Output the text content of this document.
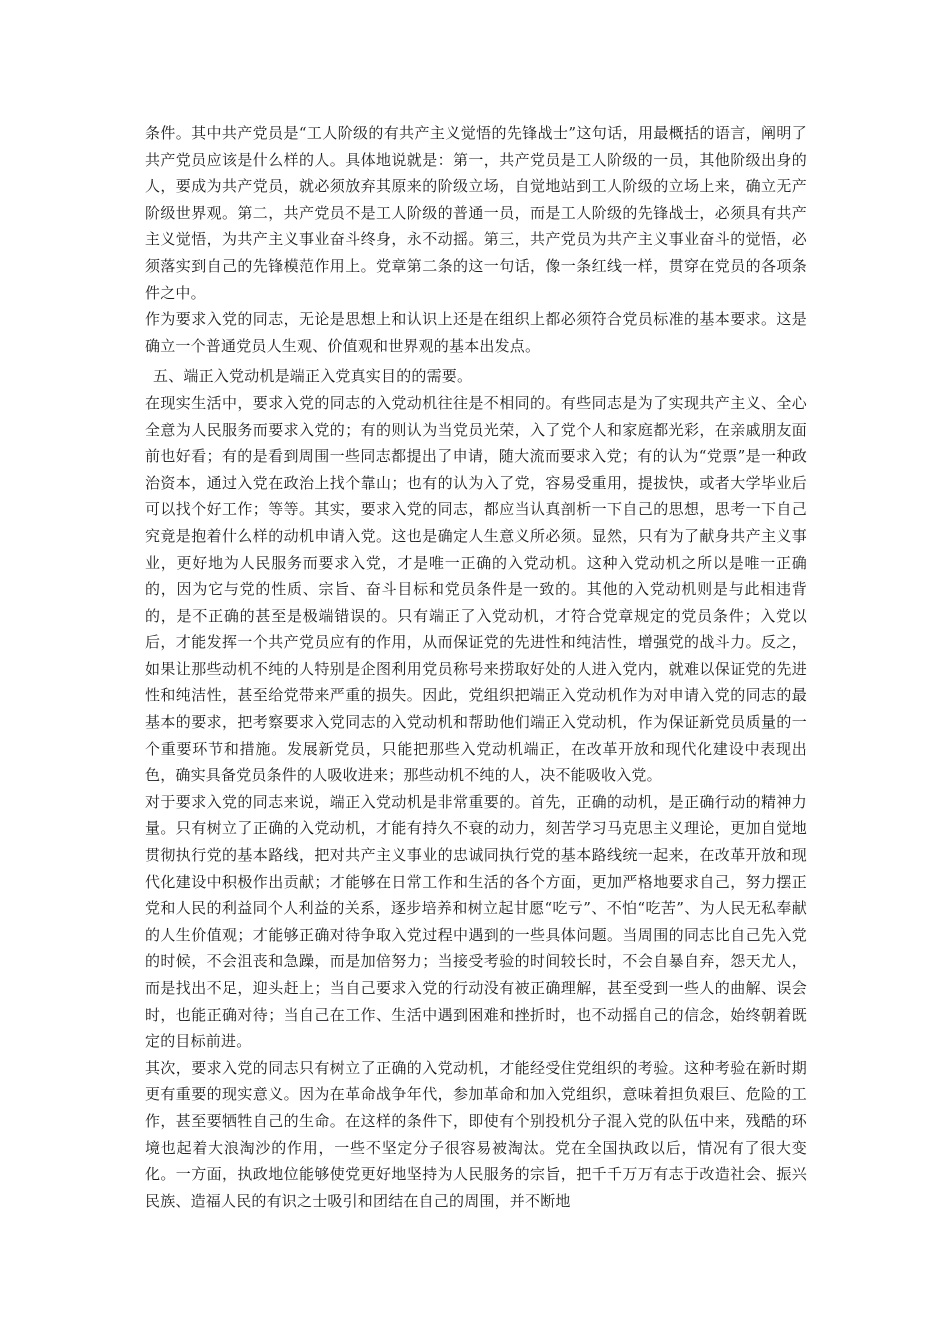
条件。其中共产党员是“工人阶级的有共产主义觉悟的先锋战士”这句话，用最概括的语言，阐明了共产党员应该是什么样的人。具体地说就是：第一，共产党员是工人阶级的一员，其他阶级出身的人，要成为共产党员，就必须放弃其原来的阶级立场，自觉地站到工人阶级的立场上来，确立无产阶级世界观。第二，共产党员不是工人阶级的普通一员，而是工人阶级的先锋战士，必须具有共产主义觉悟，为共产主义事业奋斗终身，永不动摇。第三，共产党员为共产主义事业奋斗的觉悟，必须落实到自己的先锋模范作用上。党章第二条的这一句话，像一条红线一样，贯穿在党员的各项条件之中。

作为要求入党的同志，无论是思想上和认识上还是在组织上都必须符合党员标准的基本要求。这是确立一个普通党员人生观、价值观和世界观的基本出发点。

五、端正入党动机是端正入党真实目的的需要。

在现实生活中，要求入党的同志的入党动机往往是不相同的。有些同志是为了实现共产主义、全心全意为人民服务而要求入党的；有的则认为当党员光荣，入了党个人和家庭都光彩，在亲戚朋友面前也好看；有的是看到周围一些同志都提出了申请，随大流而要求入党；有的认为“党票”是一种政治资本，通过入党在政治上找个靠山；也有的认为入了党，容易受重用，提拔快，或者大学毕业后可以找个好工作；等等。其实，要求入党的同志，都应当认真剖析一下自己的思想，思考一下自己究竟是抱着什么样的动机申请入党。这也是确定人生意义所必须。显然，只有为了献身共产主义事业，更好地为人民服务而要求入党，才是唯一正确的入党动机。这种入党动机之所以是唯一正确的，因为它与党的性质、宗旨、奋斗目标和党员条件是一致的。其他的入党动机则是与此相违背的，是不正确的甚至是极端错误的。只有端正了入党动机，才符合党章规定的党员条件；入党以后，才能发挥一个共产党员应有的作用，从而保证党的先进性和纯洁性，增强党的战斗力。反之，如果让那些动机不纯的人特别是企图利用党员称号来捞取好处的人进入党内，就难以保证党的先进性和纯洁性，甚至给党带来严重的损失。因此，党组织把端正入党动机作为对申请入党的同志的最基本的要求，把考察要求入党同志的入党动机和帮助他们端正入党动机，作为保证新党员质量的一个重要环节和措施。发展新党员，只能把那些入党动机端正，在改革开放和现代化建设中表现出色，确实具备党员条件的人吸收进来；那些动机不纯的人，决不能吸收入党。

对于要求入党的同志来说，端正入党动机是非常重要的。首先，正确的动机，是正确行动的精神力量。只有树立了正确的入党动机，才能有持久不衰的动力，刻苦学习马克思主义理论，更加自觉地贯彻执行党的基本路线，把对共产主义事业的忠诚同执行党的基本路线统一起来，在改革开放和现代化建设中积极作出贡献；才能够在日常工作和生活的各个方面，更加严格地要求自己，努力摆正党和人民的利益同个人利益的关系，逐步培养和树立起甘愿“吃亏”、不怕“吃苦”、为人民无私奉献的人生价值观；才能够正确对待争取入党过程中遇到的一些具体问题。当周围的同志比自己先入党的时候，不会沮丧和急躁，而是加倍努力；当接受考验的时间较长时，不会自暴自弃，怨天尤人，而是找出不足，迎头赶上；当自己要求入党的行动没有被正确理解，甚至受到一些人的曲解、误会时，也能正确对待；当自己在工作、生活中遇到困难和挫折时，也不动摇自己的信念，始终朝着既定的目标前进。

其次，要求入党的同志只有树立了正确的入党动机，才能经受住党组织的考验。这种考验在新时期更有重要的现实意义。因为在革命战争年代，参加革命和加入党组织，意味着担负艰巨、危险的工作，甚至要牺牲自己的生命。在这样的条件下，即使有个别投机分子混入党的队伍中来，残酷的环境也起着大浪淘沙的作用，一些不坚定分子很容易被淘汰。党在全国执政以后，情况有了很大变化。一方面，执政地位能够使党更好地坚持为人民服务的宗旨，把千千万万有志于改造社会、振兴民族、造福人民的有识之士吸引和团结在自己的周围，并不断地
